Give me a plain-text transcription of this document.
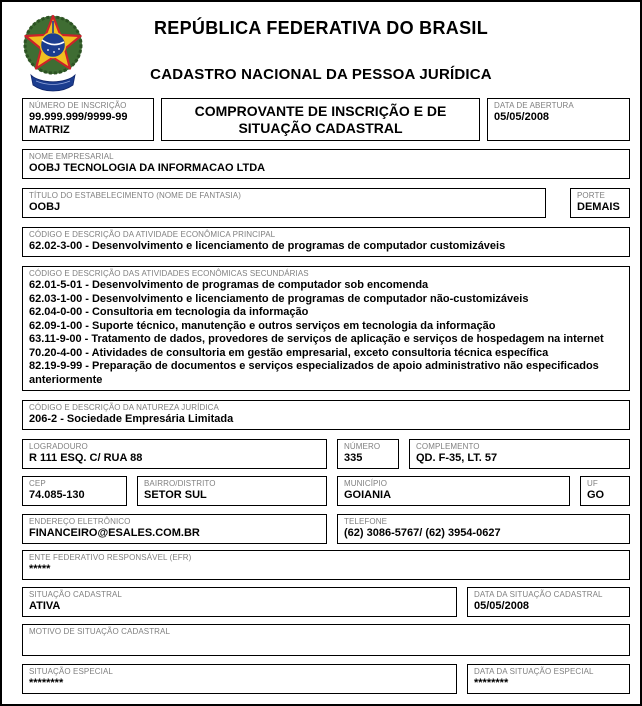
REPÚBLICA FEDERATIVA DO BRASIL
CADASTRO NACIONAL DA PESSOA JURÍDICA
NÚMERO DE INSCRIÇÃO
99.999.999/9999-99
MATRIZ
COMPROVANTE DE INSCRIÇÃO E DE SITUAÇÃO CADASTRAL
DATA DE ABERTURA
05/05/2008
NOME EMPRESARIAL
OOBJ TECNOLOGIA DA INFORMACAO LTDA
TÍTULO DO ESTABELECIMENTO (NOME DE FANTASIA)
OOBJ
PORTE
DEMAIS
CÓDIGO E DESCRIÇÃO DA ATIVIDADE ECONÔMICA PRINCIPAL
62.02-3-00 - Desenvolvimento e licenciamento de programas de computador customizáveis
CÓDIGO E DESCRIÇÃO DAS ATIVIDADES ECONÔMICAS SECUNDÁRIAS
62.01-5-01 - Desenvolvimento de programas de computador sob encomenda
62.03-1-00 - Desenvolvimento e licenciamento de programas de computador não-customizáveis
62.04-0-00 - Consultoria em tecnologia da informação
62.09-1-00 - Suporte técnico, manutenção e outros serviços em tecnologia da informação
63.11-9-00 - Tratamento de dados, provedores de serviços de aplicação e serviços de hospedagem na internet
70.20-4-00 - Atividades de consultoria em gestão empresarial, exceto consultoria técnica específica
82.19-9-99 - Preparação de documentos e serviços especializados de apoio administrativo não especificados anteriormente
CÓDIGO E DESCRIÇÃO DA NATUREZA JURÍDICA
206-2 - Sociedade Empresária Limitada
LOGRADOURO
R 111 ESQ. C/ RUA 88
NÚMERO
335
COMPLEMENTO
QD. F-35, LT. 57
CEP
74.085-130
BAIRRO/DISTRITO
SETOR SUL
MUNICÍPIO
GOIANIA
UF
GO
ENDEREÇO ELETRÔNICO
FINANCEIRO@ESALES.COM.BR
TELEFONE
(62) 3086-5767/ (62) 3954-0627
ENTE FEDERATIVO RESPONSÁVEL (EFR)
*****
SITUAÇÃO CADASTRAL
ATIVA
DATA DA SITUAÇÃO CADASTRAL
05/05/2008
MOTIVO DE SITUAÇÃO CADASTRAL
SITUAÇÃO ESPECIAL
********
DATA DA SITUAÇÃO ESPECIAL
********
